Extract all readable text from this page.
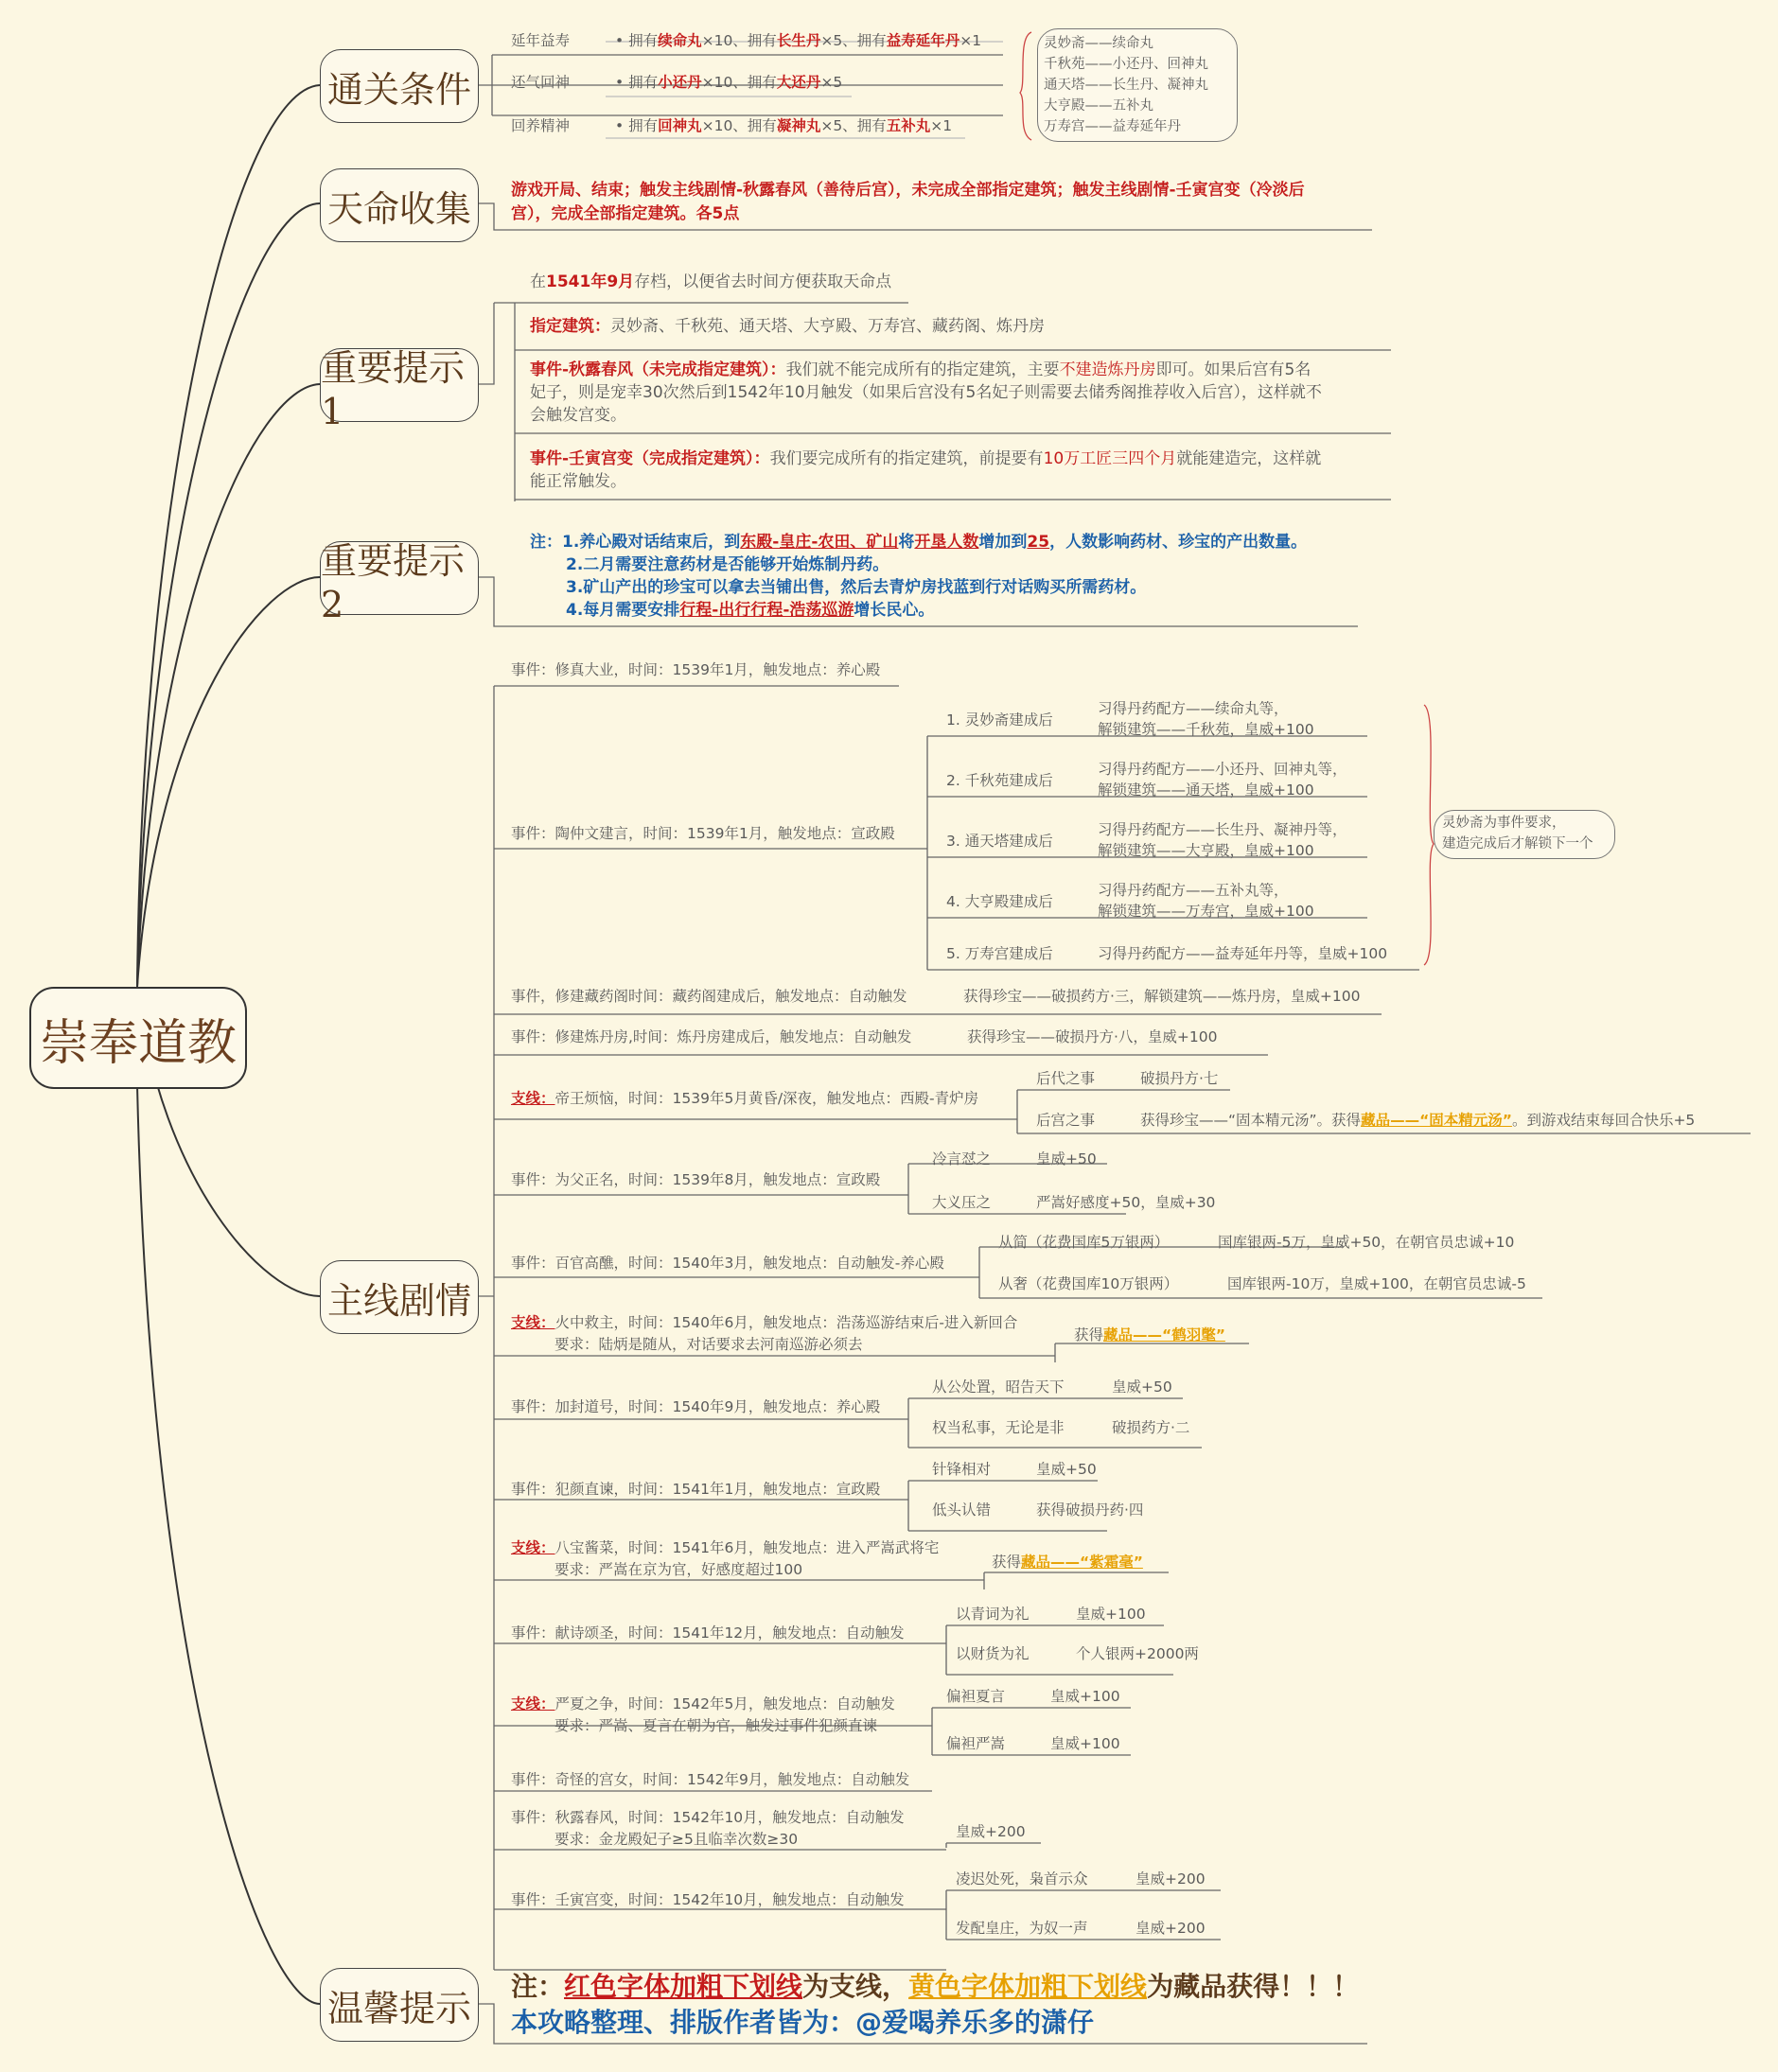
崇奉道教
通关条件
天命收集
重要提示1
重要提示2
主线剧情
温馨提示
延年益寿	• 拥有续命丸×10、拥有长生丹×5、拥有益寿延年丹×1
还气回神	• 拥有小还丹×10、拥有大还丹×5
回养精神	• 拥有回神丸×10、拥有凝神丸×5、拥有五补丸×1
灵妙斋——续命丸
千秋苑——小还丹、回神丸
通天塔——长生丹、凝神丸
大亨殿——五补丸
万寿宫——益寿延年丹
游戏开局、结束；触发主线剧情-秋露春风（善待后宫），未完成全部指定建筑；触发主线剧情-壬寅宫变（冷淡后
宫），完成全部指定建筑。各5点
在1541年9月存档，以便省去时间方便获取天命点
指定建筑：灵妙斋、千秋苑、通天塔、大亨殿、万寿宫、藏药阁、炼丹房
事件-秋露春风（未完成指定建筑）：我们就不能完成所有的指定建筑，主要不建造炼丹房即可。如果后宫有5名
妃子，则是宠幸30次然后到1542年10月触发（如果后宫没有5名妃子则需要去储秀阁推荐收入后宫），这样就不
会触发宫变。
事件-壬寅宫变（完成指定建筑）：我们要完成所有的指定建筑，前提要有10万工匠三四个月就能建造完，这样就
能正常触发。
注：1.养心殿对话结束后，到东殿-皇庄-农田、矿山将开垦人数增加到25，人数影响药材、珍宝的产出数量。
2.二月需要注意药材是否能够开始炼制丹药。
3.矿山产出的珍宝可以拿去当铺出售，然后去青炉房找蓝到行对话购买所需药材。
4.每月需要安排行程-出行行程-浩荡巡游增长民心。
事件：修真大业，时间：1539年1月，触发地点：养心殿
事件：陶仲文建言，时间：1539年1月，触发地点：宣政殿
1. 灵妙斋建成后
习得丹药配方——续命丸等，
解锁建筑——千秋苑，皇威+100
2. 千秋苑建成后
习得丹药配方——小还丹、回神丸等，
解锁建筑——通天塔，皇威+100
3. 通天塔建成后
习得丹药配方——长生丹、凝神丹等，
解锁建筑——大亨殿，皇威+100
4. 大亨殿建成后
习得丹药配方——五补丸等，
解锁建筑——万寿宫，皇威+100
5. 万寿宫建成后	习得丹药配方——益寿延年丹等，皇威+100
灵妙斋为事件要求，
建造完成后才解锁下一个
事件，修建藏药阁时间：藏药阁建成后，触发地点：自动触发	获得珍宝——破损药方·三，解锁建筑——炼丹房，皇威+100
事件：修建炼丹房,时间：炼丹房建成后，触发地点：自动触发	获得珍宝——破损丹方·八，皇威+100
支线：帝王烦恼，时间：1539年5月黄昏/深夜，触发地点：西殿-青炉房
后代之事	破损丹方·七
后宫之事	获得珍宝——“固本精元汤”。获得藏品——“固本精元汤”。到游戏结束每回合快乐+5
事件：为父正名，时间：1539年8月，触发地点：宣政殿
冷言怼之	皇威+50
大义压之	严嵩好感度+50，皇威+30
事件：百官高醮，时间：1540年3月，触发地点：自动触发-养心殿
从简（花费国库5万银两）	国库银两-5万，皇威+50，在朝官员忠诚+10
从奢（花费国库10万银两）	国库银两-10万，皇威+100，在朝官员忠诚-5
支线：火中救主，时间：1540年6月，触发地点：浩荡巡游结束后-进入新回合
要求：陆炳是随从，对话要求去河南巡游必须去
获得藏品——“鹤羽氅”
事件：加封道号，时间：1540年9月，触发地点：养心殿
从公处置，昭告天下	皇威+50
权当私事，无论是非	破损药方·二
事件：犯颜直谏，时间：1541年1月，触发地点：宣政殿
针锋相对	皇威+50
低头认错	获得破损丹药·四
支线：八宝酱菜，时间：1541年6月，触发地点：进入严嵩武将宅
要求：严嵩在京为官，好感度超过100	获得藏品——“紫霜毫”
事件：献诗颂圣，时间：1541年12月，触发地点：自动触发
以青词为礼	皇威+100
以财货为礼	个人银两+2000两
支线：严夏之争，时间：1542年5月，触发地点：自动触发
要求：严嵩、夏言在朝为官，触发过事件犯颜直谏
偏袒夏言	皇威+100
偏袒严嵩	皇威+100
事件：奇怪的宫女，时间：1542年9月，触发地点：自动触发
事件：秋露春风，时间：1542年10月，触发地点：自动触发
要求：金龙殿妃子≥5且临幸次数≥30	皇威+200
事件：壬寅宫变，时间：1542年10月，触发地点：自动触发
凌迟处死，枭首示众	皇威+200
发配皇庄，为奴一声	皇威+200
注：红色字体加粗下划线为支线，黄色字体加粗下划线为藏品获得！！！
本攻略整理、排版作者皆为：@爱喝养乐多的潇仔
